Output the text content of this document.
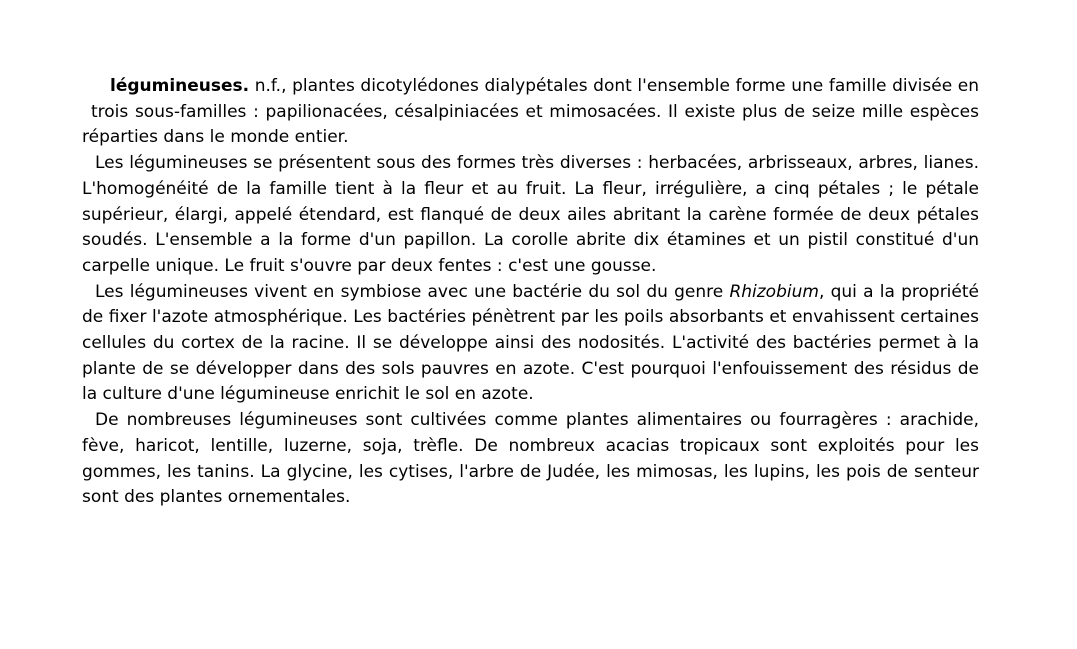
légumineuses. n.f., plantes dicotylédones dialypétales dont l'ensemble forme une famille divisée en trois sous-familles : papilionacées, césalpiniacées et mimosacées. Il existe plus de seize mille espèces réparties dans le monde entier.

Les légumineuses se présentent sous des formes très diverses : herbacées, arbrisseaux, arbres, lianes. L'homogénéité de la famille tient à la fleur et au fruit. La fleur, irrégulière, a cinq pétales ; le pétale supérieur, élargi, appelé étendard, est flanqué de deux ailes abritant la carène formée de deux pétales soudés. L'ensemble a la forme d'un papillon. La corolle abrite dix étamines et un pistil constitué d'un carpelle unique. Le fruit s'ouvre par deux fentes : c'est une gousse.

Les légumineuses vivent en symbiose avec une bactérie du sol du genre Rhizobium, qui a la propriété de fixer l'azote atmosphérique. Les bactéries pénètrent par les poils absorbants et envahissent certaines cellules du cortex de la racine. Il se développe ainsi des nodosités. L'activité des bactéries permet à la plante de se développer dans des sols pauvres en azote. C'est pourquoi l'enfouissement des résidus de la culture d'une légumineuse enrichit le sol en azote.

De nombreuses légumineuses sont cultivées comme plantes alimentaires ou fourragères : arachide, fève, haricot, lentille, luzerne, soja, trèfle. De nombreux acacias tropicaux sont exploités pour les gommes, les tanins. La glycine, les cytises, l'arbre de Judée, les mimosas, les lupins, les pois de senteur sont des plantes ornementales.
